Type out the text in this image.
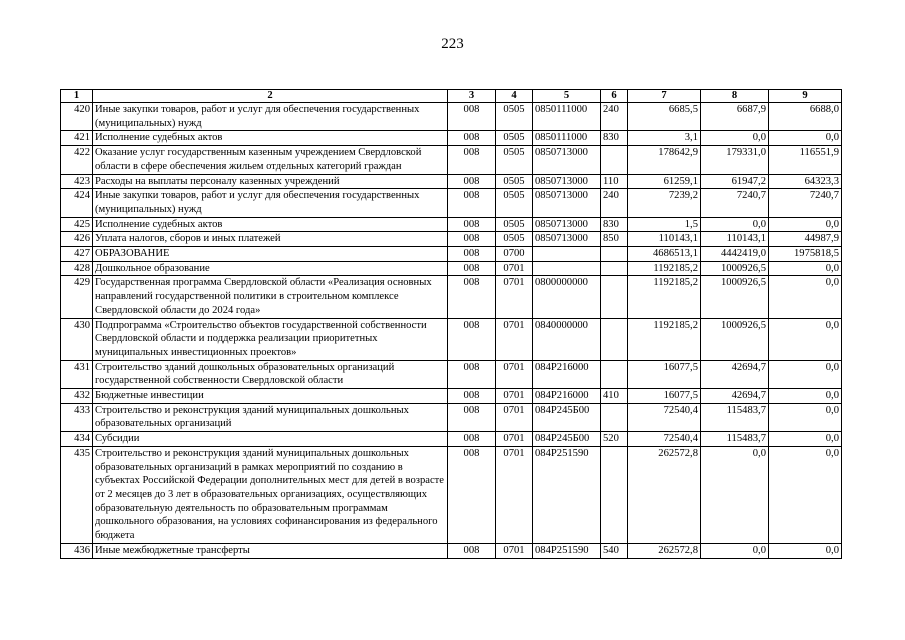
223
1	2	3	4	5	6	7	8	9
420	Иные закупки товаров, работ и услуг для обеспечения государственных (муниципальных) нужд	008	0505	0850111000	240	6685,5	6687,9	6688,0
421	Исполнение судебных актов	008	0505	0850111000	830	3,1	0,0	0,0
422	Оказание услуг государственным казенным учреждением Свердловской области в сфере обеспечения жильем отдельных категорий граждан	008	0505	0850713000		178642,9	179331,0	116551,9
423	Расходы на выплаты персоналу казенных учреждений	008	0505	0850713000	110	61259,1	61947,2	64323,3
424	Иные закупки товаров, работ и услуг для обеспечения государственных (муниципальных) нужд	008	0505	0850713000	240	7239,2	7240,7	7240,7
425	Исполнение судебных актов	008	0505	0850713000	830	1,5	0,0	0,0
426	Уплата налогов, сборов и иных платежей	008	0505	0850713000	850	110143,1	110143,1	44987,9
427	ОБРАЗОВАНИЕ	008	0700			4686513,1	4442419,0	1975818,5
428	Дошкольное образование	008	0701			1192185,2	1000926,5	0,0
429	Государственная программа Свердловской области «Реализация основных направлений государственной политики в строительном комплексе Свердловской области до 2024 года»	008	0701	0800000000		1192185,2	1000926,5	0,0
430	Подпрограмма «Строительство объектов государственной собственности Свердловской области и поддержка реализации приоритетных муниципальных инвестиционных проектов»	008	0701	0840000000		1192185,2	1000926,5	0,0
431	Строительство зданий дошкольных образовательных организаций государственной собственности Свердловской области	008	0701	084Р216000		16077,5	42694,7	0,0
432	Бюджетные инвестиции	008	0701	084Р216000	410	16077,5	42694,7	0,0
433	Строительство и реконструкция зданий муниципальных дошкольных образовательных организаций	008	0701	084Р245Б00		72540,4	115483,7	0,0
434	Субсидии	008	0701	084Р245Б00	520	72540,4	115483,7	0,0
435	Строительство и реконструкция зданий муниципальных дошкольных образовательных организаций в рамках мероприятий по созданию в субъектах Российской Федерации дополнительных мест для детей в возрасте от 2 месяцев до 3 лет в образовательных организациях, осуществляющих образовательную деятельность по образовательным программам дошкольного образования, на условиях софинансирования из федерального бюджета	008	0701	084Р251590		262572,8	0,0	0,0
436	Иные межбюджетные трансферты	008	0701	084Р251590	540	262572,8	0,0	0,0
